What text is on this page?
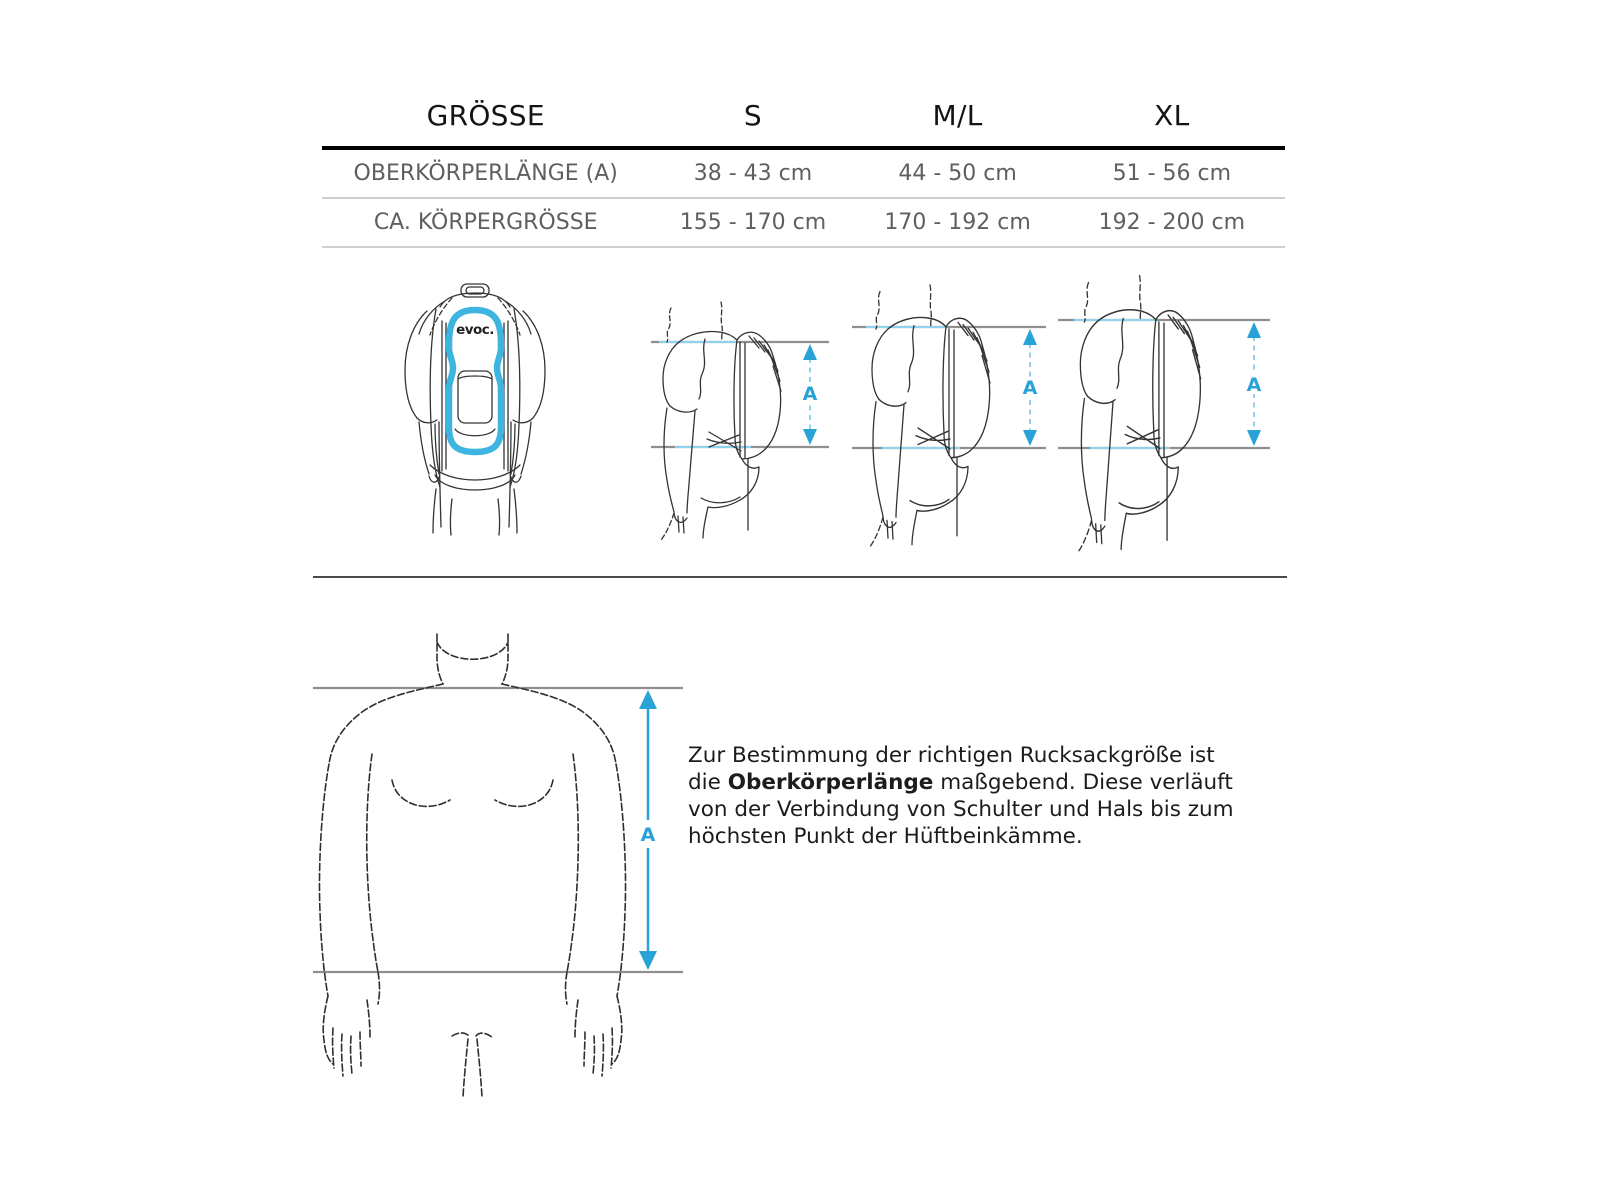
GRÖSSE	S	M/L	XL
OBERKÖRPERLÄNGE (A)	38 - 43 cm	44 - 50 cm	51 - 56 cm
CA. KÖRPERGRÖSSE	155 - 170 cm	170 - 192 cm	192 - 200 cm
evoc.
A	A	A
A
Zur Bestimmung der richtigen Rucksackgröße ist
die Oberkörperlänge maßgebend. Diese verläuft
von der Verbindung von Schulter und Hals bis zum
höchsten Punkt der Hüftbeinkämme.
